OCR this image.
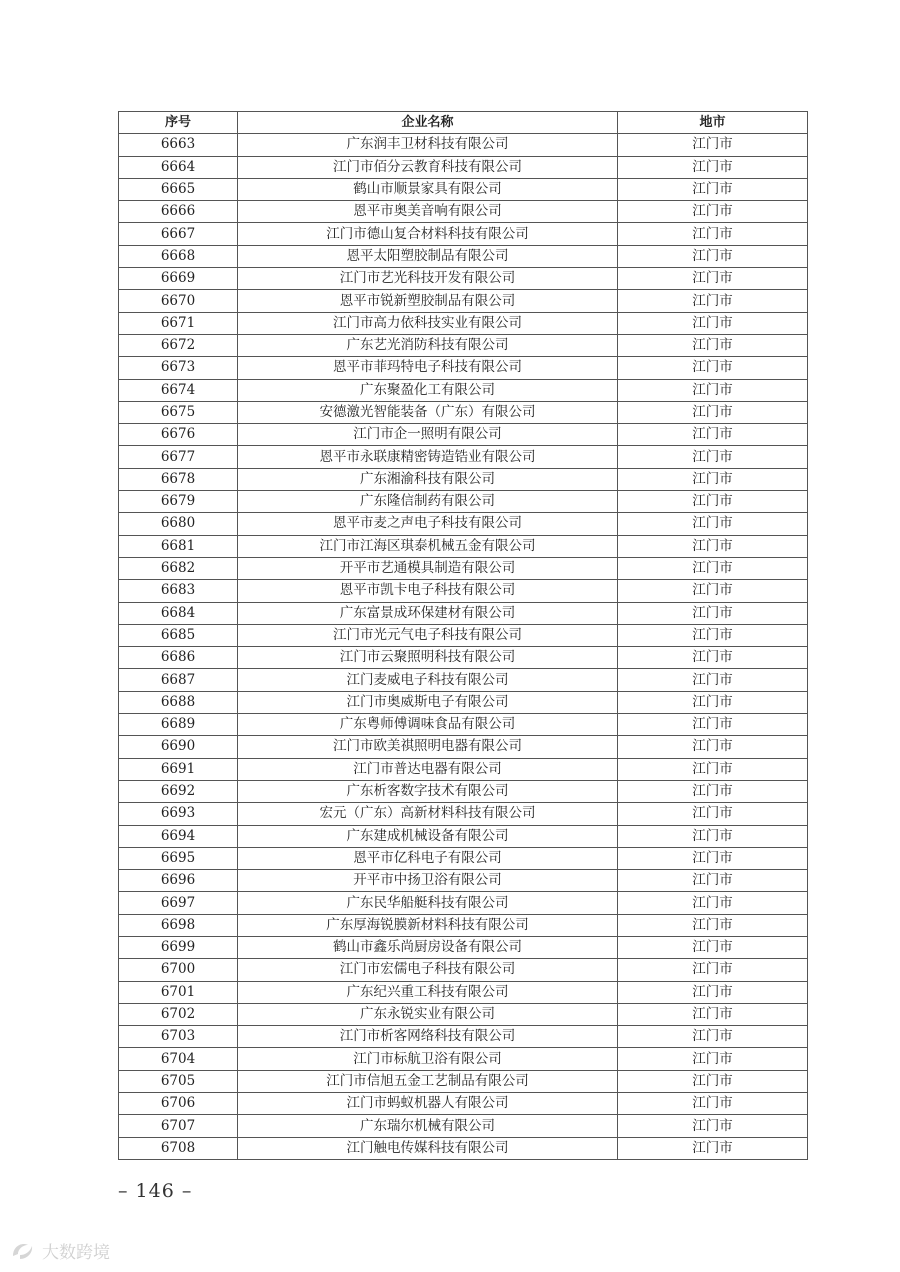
序号	企业名称	地市
6663	广东润丰卫材科技有限公司	江门市
6664	江门市佰分云教育科技有限公司	江门市
6665	鹤山市顺景家具有限公司	江门市
6666	恩平市奥美音响有限公司	江门市
6667	江门市德山复合材料科技有限公司	江门市
6668	恩平太阳塑胶制品有限公司	江门市
6669	江门市艺光科技开发有限公司	江门市
6670	恩平市锐新塑胶制品有限公司	江门市
6671	江门市高力依科技实业有限公司	江门市
6672	广东艺光消防科技有限公司	江门市
6673	恩平市菲玛特电子科技有限公司	江门市
6674	广东聚盈化工有限公司	江门市
6675	安德激光智能装备（广东）有限公司	江门市
6676	江门市企一照明有限公司	江门市
6677	恩平市永联康精密铸造锆业有限公司	江门市
6678	广东湘渝科技有限公司	江门市
6679	广东隆信制药有限公司	江门市
6680	恩平市麦之声电子科技有限公司	江门市
6681	江门市江海区琪泰机械五金有限公司	江门市
6682	开平市艺通模具制造有限公司	江门市
6683	恩平市凯卡电子科技有限公司	江门市
6684	广东富景成环保建材有限公司	江门市
6685	江门市光元气电子科技有限公司	江门市
6686	江门市云聚照明科技有限公司	江门市
6687	江门麦威电子科技有限公司	江门市
6688	江门市奥威斯电子有限公司	江门市
6689	广东粤师傅调味食品有限公司	江门市
6690	江门市欧美祺照明电器有限公司	江门市
6691	江门市普达电器有限公司	江门市
6692	广东析客数字技术有限公司	江门市
6693	宏元（广东）高新材料科技有限公司	江门市
6694	广东建成机械设备有限公司	江门市
6695	恩平市亿科电子有限公司	江门市
6696	开平市中扬卫浴有限公司	江门市
6697	广东民华船艇科技有限公司	江门市
6698	广东厚海锐膜新材料科技有限公司	江门市
6699	鹤山市鑫乐尚厨房设备有限公司	江门市
6700	江门市宏儒电子科技有限公司	江门市
6701	广东纪兴重工科技有限公司	江门市
6702	广东永锐实业有限公司	江门市
6703	江门市析客网络科技有限公司	江门市
6704	江门市标航卫浴有限公司	江门市
6705	江门市信旭五金工艺制品有限公司	江门市
6706	江门市蚂蚁机器人有限公司	江门市
6707	广东瑞尔机械有限公司	江门市
6708	江门触电传媒科技有限公司	江门市
– 146 –
大数跨境
